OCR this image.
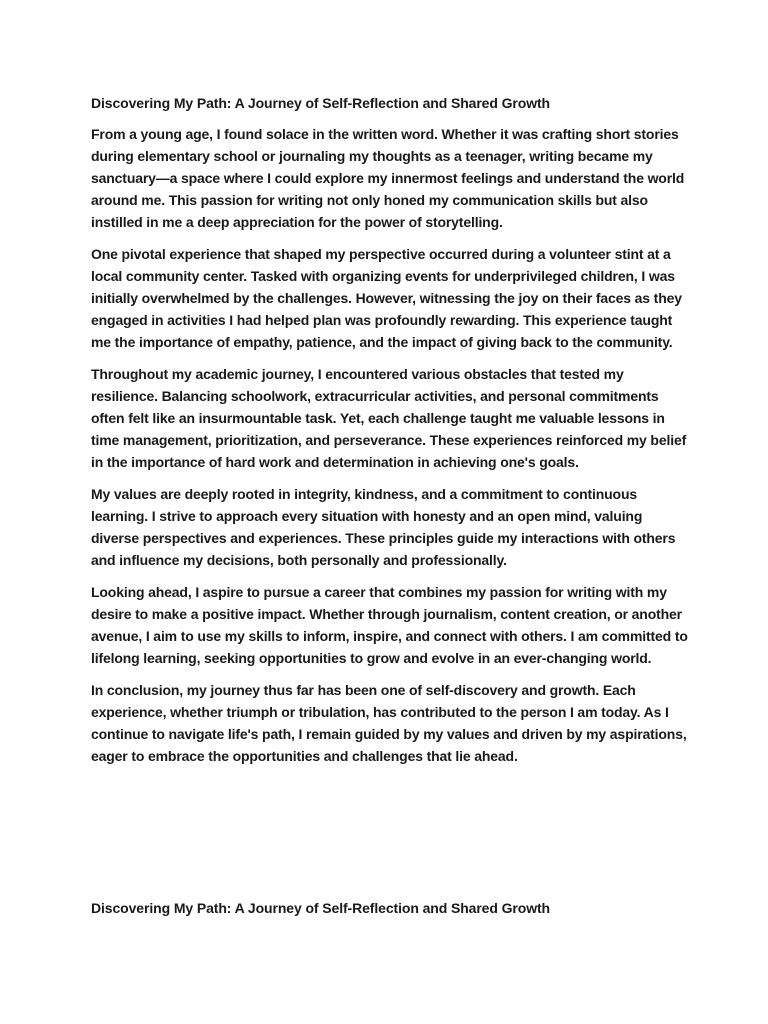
Discovering My Path: A Journey of Self-Reflection and Shared Growth

From a young age, I found solace in the written word. Whether it was crafting short stories during elementary school or journaling my thoughts as a teenager, writing became my sanctuary—a space where I could explore my innermost feelings and understand the world around me. This passion for writing not only honed my communication skills but also instilled in me a deep appreciation for the power of storytelling.

One pivotal experience that shaped my perspective occurred during a volunteer stint at a local community center. Tasked with organizing events for underprivileged children, I was initially overwhelmed by the challenges. However, witnessing the joy on their faces as they engaged in activities I had helped plan was profoundly rewarding. This experience taught me the importance of empathy, patience, and the impact of giving back to the community.

Throughout my academic journey, I encountered various obstacles that tested my resilience. Balancing schoolwork, extracurricular activities, and personal commitments often felt like an insurmountable task. Yet, each challenge taught me valuable lessons in time management, prioritization, and perseverance. These experiences reinforced my belief in the importance of hard work and determination in achieving one's goals.

My values are deeply rooted in integrity, kindness, and a commitment to continuous learning. I strive to approach every situation with honesty and an open mind, valuing diverse perspectives and experiences. These principles guide my interactions with others and influence my decisions, both personally and professionally.

Looking ahead, I aspire to pursue a career that combines my passion for writing with my desire to make a positive impact. Whether through journalism, content creation, or another avenue, I aim to use my skills to inform, inspire, and connect with others. I am committed to lifelong learning, seeking opportunities to grow and evolve in an ever-changing world.

In conclusion, my journey thus far has been one of self-discovery and growth. Each experience, whether triumph or tribulation, has contributed to the person I am today. As I continue to navigate life's path, I remain guided by my values and driven by my aspirations, eager to embrace the opportunities and challenges that lie ahead.

Discovering My Path: A Journey of Self-Reflection and Shared Growth
